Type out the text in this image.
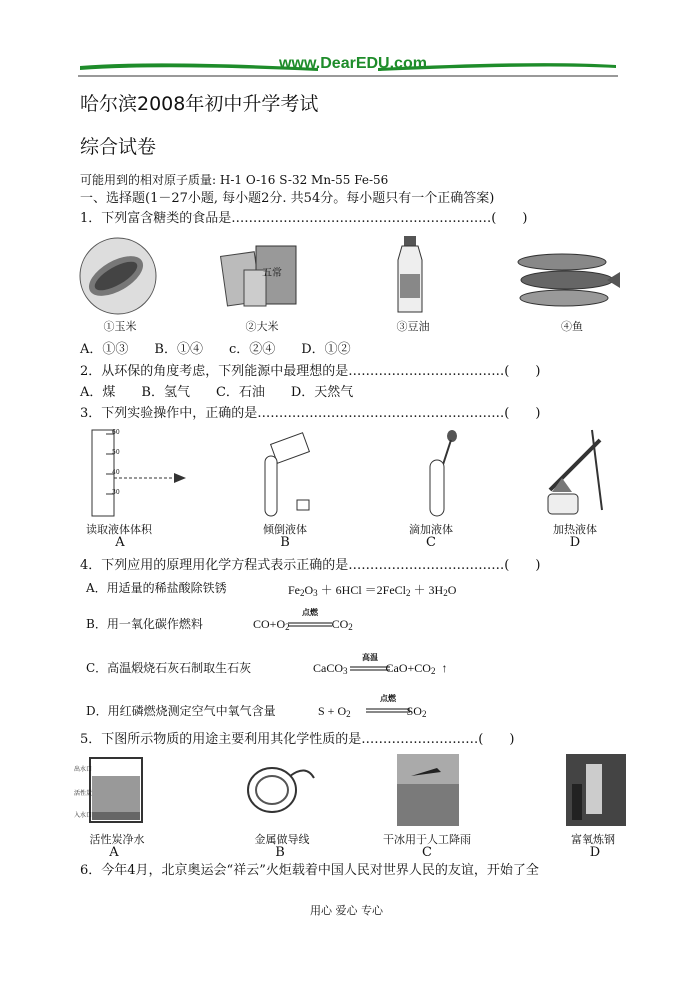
www.DearEDU.com
哈尔滨2008年初中升学考试
综合试卷
可能用到的相对原子质量: H-1 O-16 S-32 Mn-55 Fe-56
一、选择题(1－27小题, 每小题2分. 共54分。每小题只有一个正确答案)
1．下列富含糖类的食品是……………………………………………………(　　)
五常
①玉米	②大米	③豆油	④鱼
A．①③　　B．①④　　c．②④　　D．①②
2．从环保的角度考虑，下列能源中最理想的是………………………………(　　)
A．煤　　B．氢气　　C．石油　　D．天然气
3．下列实验操作中，正确的是…………………………………………………(　　)
60
50
40
30
读取液体体积	倾倒液体	滴加液体	加热液体
A	B	C	D
4．下列应用的原理用化学方程式表示正确的是………………………………(　　)
A．用适量的稀盐酸除铁锈	$Fe_2O_3 + 6HCl$ ＝2FeCl$_2$ ＋ $3H_2O$
B．用一氧化碳作燃料	$CO+O_2$	$CO_2$
点燃
C．高温煅烧石灰石制取生石灰	CaCO$_3$	$CaO+CO_2$ ↑
高温
D．用红磷燃烧测定空气中氧气含量	$S + O_2$	$SO_2$
点燃
5．下图所示物质的用途主要利用其化学性质的是………………………(　　)
出水口
活性炭
入水口
活性炭净水	金属做导线	干冰用于人工降雨	富氧炼钢
A	B	C	D
6．今年4月，北京奥运会“祥云”火炬载着中国人民对世界人民的友谊，开始了全
用心 爱心 专心
